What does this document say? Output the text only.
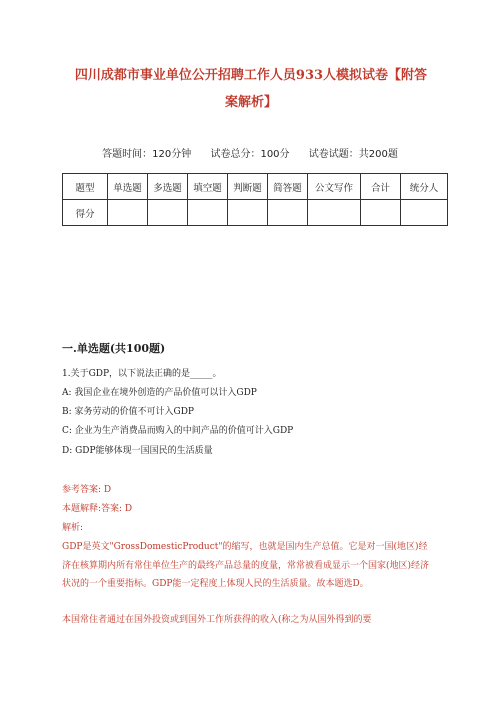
四川成都市事业单位公开招聘工作人员933人模拟试卷【附答案解析】
答题时间：120分钟 试卷总分：100分 试卷试题：共200题
题型	单选题	多选题	填空题	判断题	简答题	公文写作	合计	统分人
得分								
一.单选题(共100题)
1.关于GDP，以下说法正确的是_____。
A: 我国企业在境外创造的产品价值可以计入GDP
B: 家务劳动的价值不可计入GDP
C: 企业为生产消费品而购入的中间产品的价值可计入GDP
D: GDP能够体现一国国民的生活质量
参考答案: D
本题解释:答案: D
解析:
GDP是英文"GrossDomesticProduct"的缩写，也就是国内生产总值。它是对一国(地区)经济在核算期内所有常住单位生产的最终产品总量的度量，常常被看成显示一个国家(地区)经济状况的一个重要指标。GDP能一定程度上体现人民的生活质量。故本题选D。
本国常住者通过在国外投资或到国外工作所获得的收入(称之为从国外得到的要
